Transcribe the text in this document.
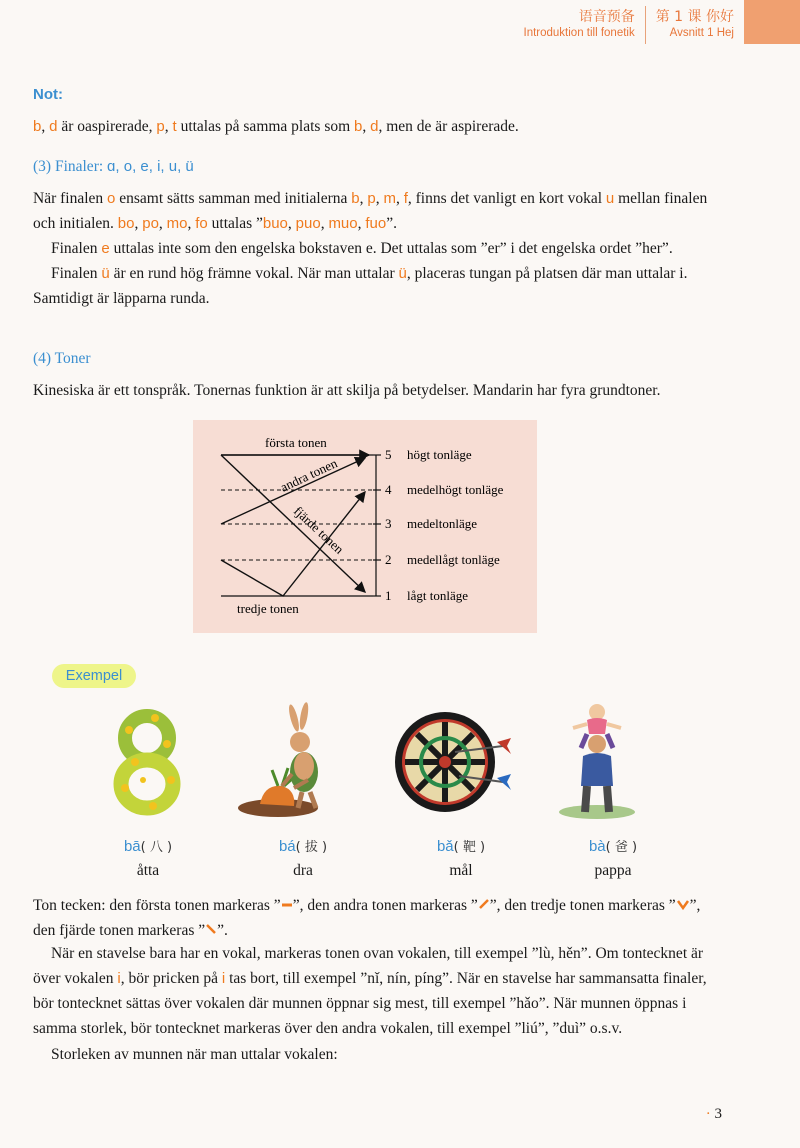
语音预备
Introduktion till fonetik
第 1 课 你好
Avsnitt 1 Hej
Not:
b, d är oaspirerade, p, t uttalas på samma plats som b, d, men de är aspirerade.
(3) Finaler: ɑ, o, e, i, u, ü
När finalen o ensamt sätts samman med initialerna b, p, m, f, finns det vanligt en kort vokal u mellan finalen och initialen. bo, po, mo, fo uttalas ”buo, puo, muo, fuo”.
Finalen e uttalas inte som den engelska bokstaven e. Det uttalas som ”er” i det engelska ordet ”her”.
Finalen ü är en rund hög främne vokal. När man uttalar ü, placeras tungan på platsen där man uttalar i. Samtidigt är läpparna runda.
(4) Toner
Kinesiska är ett tonspråk. Tonernas funktion är att skilja på betydelser. Mandarin har fyra grundtoner.
första tonen
andra tonen
fjärde tonen
tredje tonen
5
4
3
2
1
högt tonläge
medelhögt tonläge
medeltonläge
medellågt tonläge
lågt tonläge
Exempel
bā( 八 )
åtta
bá( 拔 )
dra
bǎ( 靶 )
mål
bà( 爸 )
pappa
Ton tecken: den första tonen markeras ” ”, den andra tonen markeras ” ”, den tredje tonen markeras ” ”, den fjärde tonen markeras ” ”.
När en stavelse bara har en vokal, markeras tonen ovan vokalen, till exempel ”lù, hěn”. Om tontecknet är över vokalen i, bör pricken på i tas bort, till exempel ”nǐ, nín, píng”. När en stavelse har sammansatta finaler, bör tontecknet sättas över vokalen där munnen öppnar sig mest, till exempel ”hǎo”. När munnen öppnas i samma storlek, bör tontecknet markeras över den andra vokalen, till exempel ”liú”, ”duì” o.s.v.
Storleken av munnen när man uttalar vokalen:
· 3
